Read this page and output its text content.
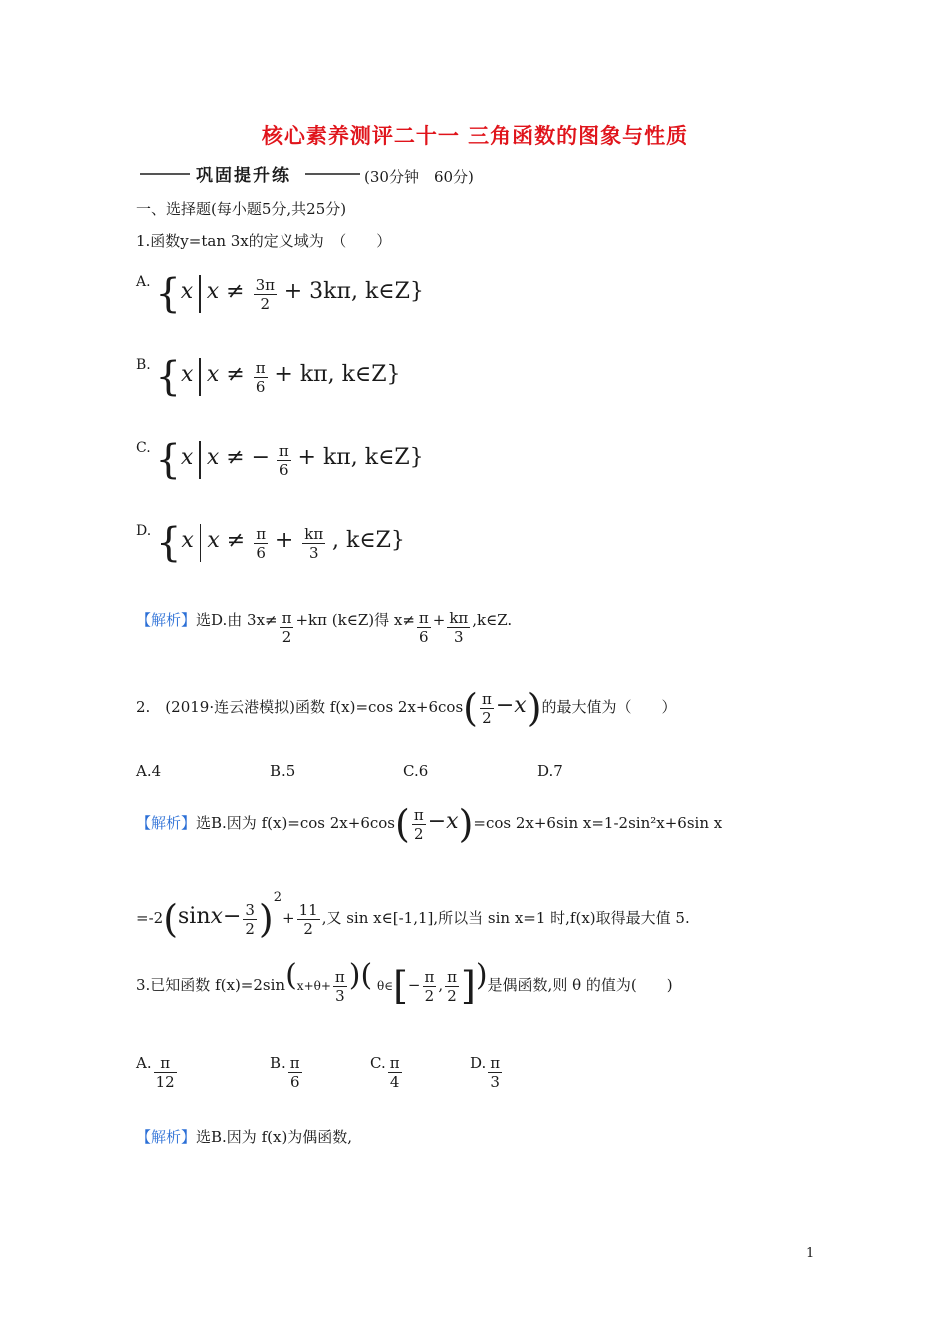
核心素养测评二十一 三角函数的图象与性质
巩固提升练	(30分钟　60分)
一、选择题(每小题5分,共25分)
1.函数y=tan 3x的定义域为　（　　）
A. {x $x \ne \frac{3\pi}{2} + 3k\pi$, k∈Z}
B. {x $x \ne \frac{\pi}{6} + k\pi$, k∈Z}
C. {x x ≠ − $\frac{\pi}{6} + k\pi$, k∈Z}
D. {x $x \ne \frac{\pi}{6} + \frac{k\pi}{3}$ , k∈Z}
【解析】选D.由 $3x\ne \frac{\pi}{2} +k\pi$ (k∈Z)得 $x\ne \frac{\pi}{6} + \frac{k\pi}{3}$ ,k∈Z.
2.　(2019·连云港模拟)函数 f(x)=cos $2x+6\cos( \frac{\pi}{2} -x)$的最大值为（　　）
A.4	B.5	C.6	D.7
【解析】选B.因为 f(x)=cos $2x+6\cos( \frac{\pi}{2} -x)=\cos$ 2x+6sin x=1-2sin²x+6sin x
$=-2(\sin x- \frac{3}{2} )^2+ \frac{11}{2}$ ,又 sin x∈[-1,1],所以当 sin x=1 时,f(x)取得最大值 5.
3.已知函数 $f(x)=2\sin(x+\theta+ \frac{\pi}{3}$ )( θ∈[− $\frac{\pi}{2}$ , $\frac{\pi}{2}$ ])是偶函数,则 θ 的值为(　　)
A. $\frac{\pi}{12}$	B. $\frac{\pi}{6}$	C. $\frac{\pi}{4}$	D. $\frac{\pi}{3}$
【解析】选B.因为 f(x)为偶函数,
1
